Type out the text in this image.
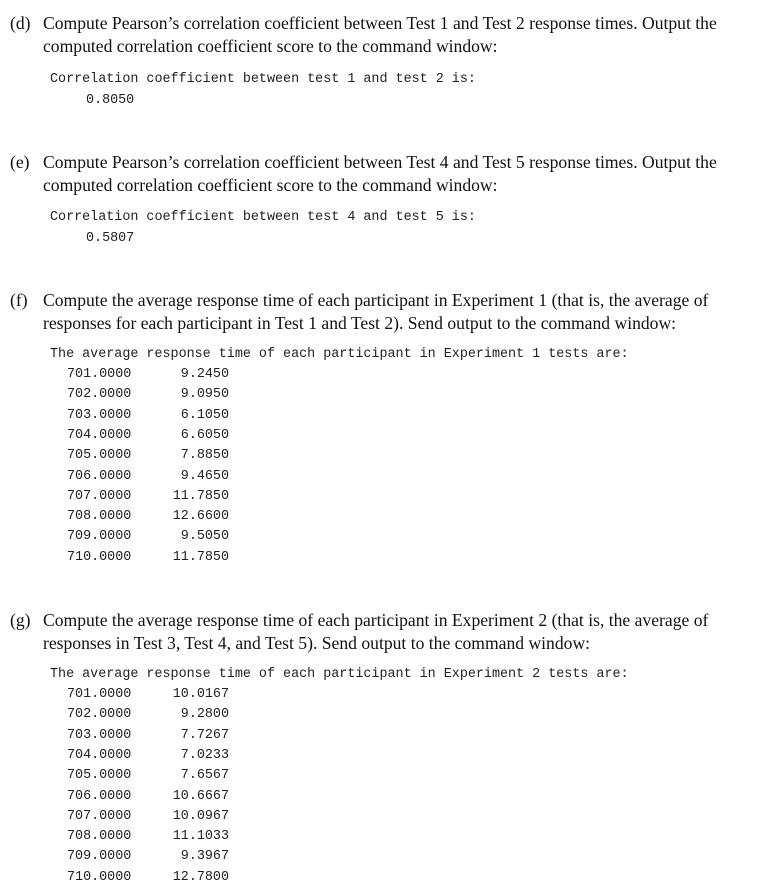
(d) Compute Pearson’s correlation coefficient between Test 1 and Test 2 response times. Output the
computed correlation coefficient score to the command window:
Correlation coefficient between test 1 and test 2 is:
0.8050
(e) Compute Pearson’s correlation coefficient between Test 4 and Test 5 response times. Output the
computed correlation coefficient score to the command window:
Correlation coefficient between test 4 and test 5 is:
0.5807
(f) Compute the average response time of each participant in Experiment 1 (that is, the average of
responses for each participant in Test 1 and Test 2). Send output to the command window:
The average response time of each participant in Experiment 1 tests are:
701.0000	9.2450
702.0000	9.0950
703.0000	6.1050
704.0000	6.6050
705.0000	7.8850
706.0000	9.4650
707.0000	11.7850
708.0000	12.6600
709.0000	9.5050
710.0000	11.7850
(g) Compute the average response time of each participant in Experiment 2 (that is, the average of
responses in Test 3, Test 4, and Test 5). Send output to the command window:
The average response time of each participant in Experiment 2 tests are:
701.0000	10.0167
702.0000	9.2800
703.0000	7.7267
704.0000	7.0233
705.0000	7.6567
706.0000	10.6667
707.0000	10.0967
708.0000	11.1033
709.0000	9.3967
710.0000	12.7800
